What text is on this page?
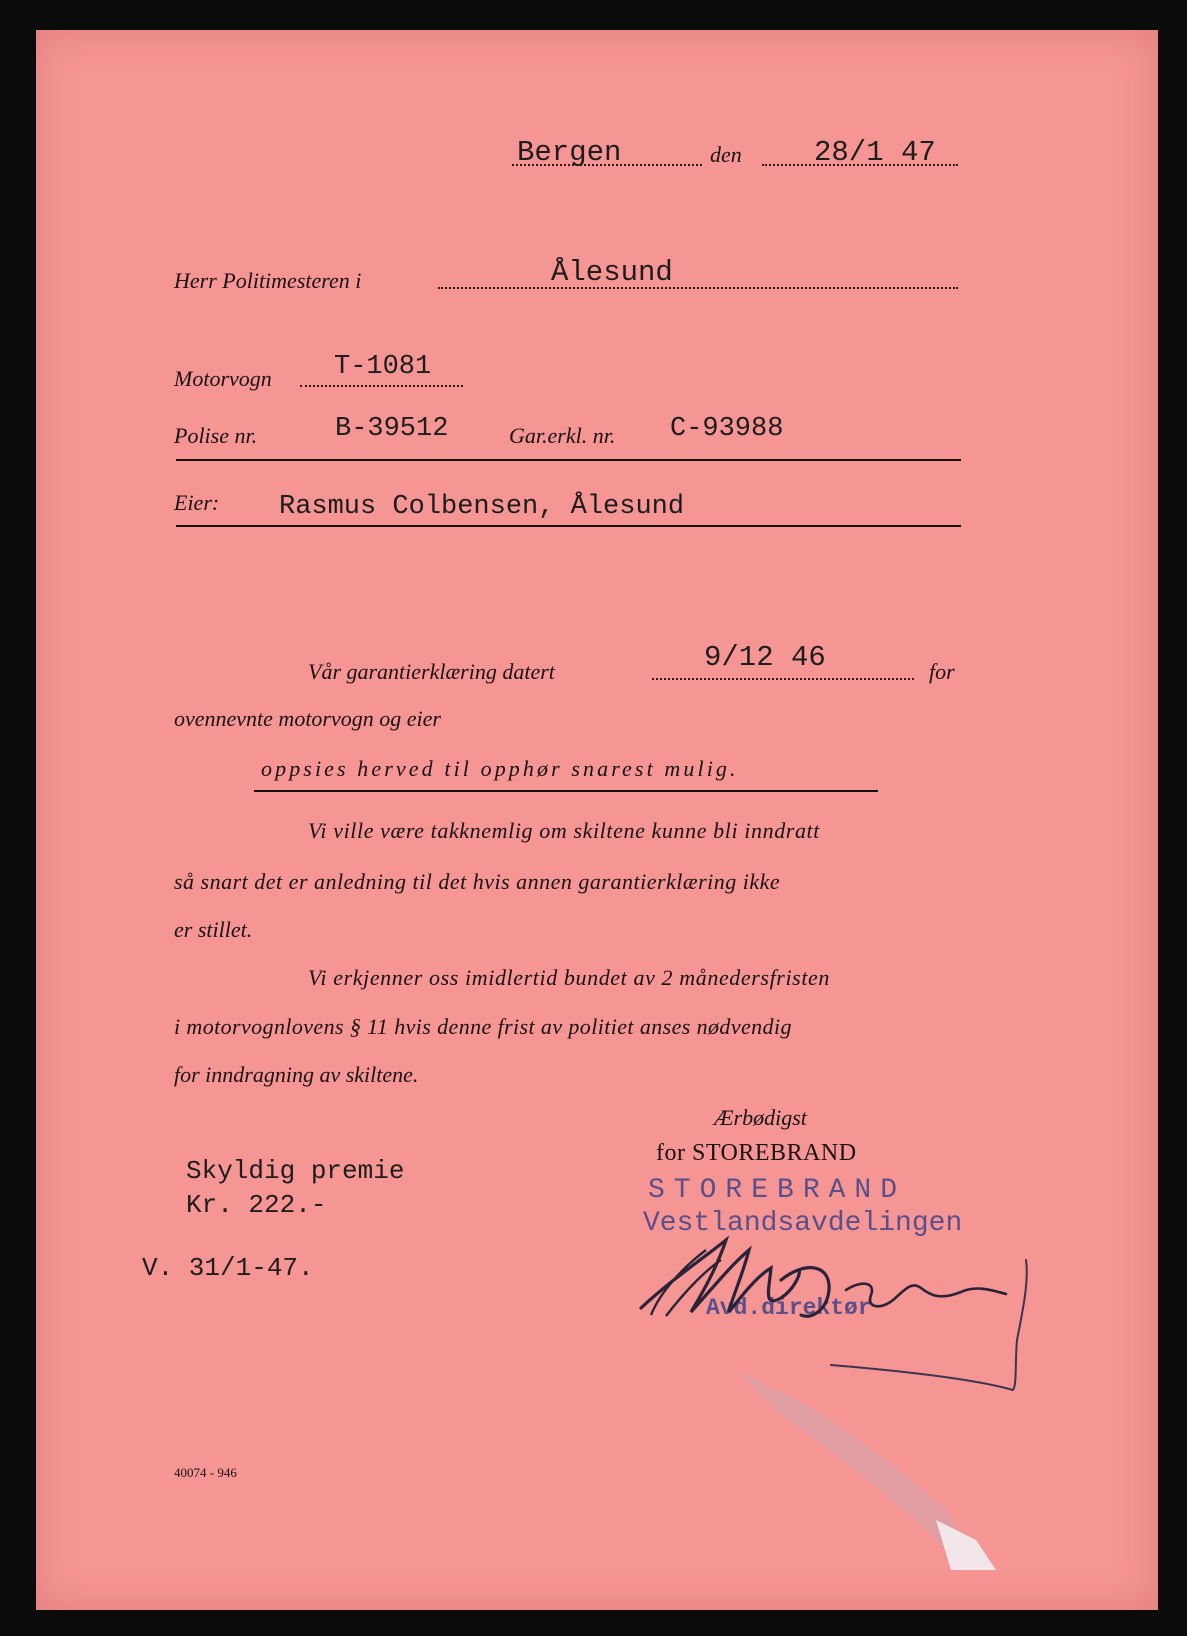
Bergen	den 28/1 47
Herr Politimesteren i	Ålesund
Motorvogn T-1081
Polise nr.	B-39512	Gar.erkl. nr. C-93988
Eier: Rasmus Colbensen, Ålesund
Vår garantierklæring datert	9/12 46	for
ovennevnte motorvogn og eier
oppsies herved til opphør snarest mulig.
Vi ville være takknemlig om skiltene kunne bli inndratt
så snart det er anledning til det hvis annen garantierklæring ikke
er stillet.
Vi erkjenner oss imidlertid bundet av 2 månedersfristen
i motorvognlovens § 11 hvis denne frist av politiet anses nødvendig
for inndragning av skiltene.
Ærbødigst
for STOREBRAND
STOREBRAND
Vestlandsavdelingen
Avd.direktør
Skyldig premie
Kr. 222.-
V. 31/1-47.
40074 - 946
